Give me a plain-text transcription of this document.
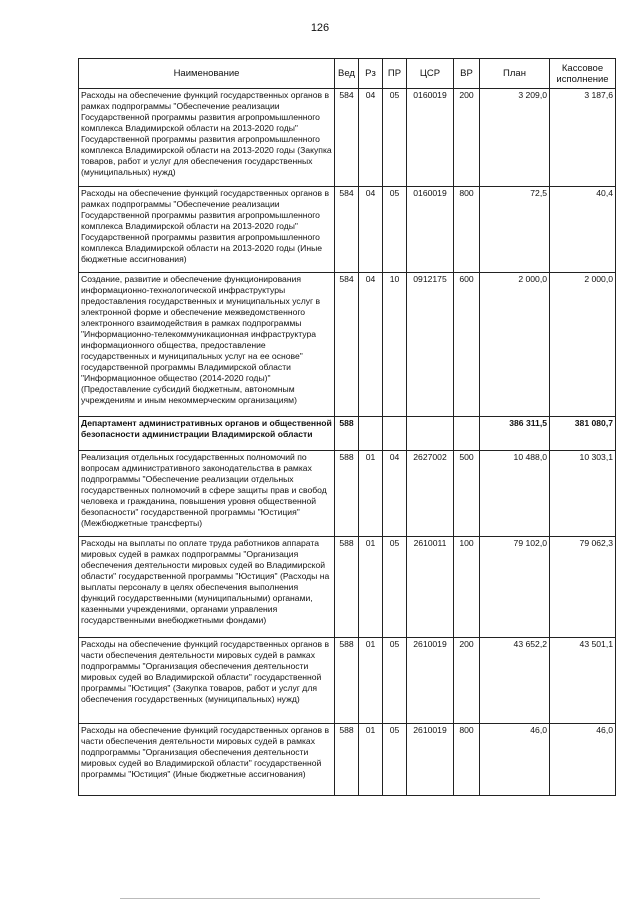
126
Наименование	Вед	Рз	ПР	ЦСР	ВР	План	Кассовое исполнение
Расходы на обеспечение функций государственных органов в рамках подпрограммы "Обеспечение реализации Государственной программы развития агропромышленного комплекса Владимирской области на 2013-2020 годы" Государственной программы развития агропромышленного комплекса Владимирской области на 2013-2020 годы (Закупка товаров, работ и услуг для обеспечения государственных (муниципальных) нужд)	584	04	05	0160019	200	3 209,0	3 187,6
Расходы на обеспечение функций государственных органов в рамках подпрограммы "Обеспечение реализации Государственной программы развития агропромышленного комплекса Владимирской области на 2013-2020 годы" Государственной программы развития агропромышленного комплекса Владимирской области на 2013-2020 годы (Иные бюджетные ассигнования)	584	04	05	0160019	800	72,5	40,4
Создание, развитие и обеспечение функционирования информационно-технологической инфраструктуры предоставления государственных и муниципальных услуг в электронной форме и обеспечение межведомственного электронного взаимодействия в рамках подпрограммы "Информационно-телекоммуникационная инфраструктура информационного общества, предоставление государственных и муниципальных услуг на ее основе" государственной программы Владимирской области "Информационное общество (2014-2020 годы)" (Предоставление субсидий бюджетным, автономным учреждениям и иным некоммерческим организациям)	584	04	10	0912175	600	2 000,0	2 000,0
Департамент административных органов и общественной безопасности администрации Владимирской области	588					386 311,5	381 080,7
Реализация отдельных государственных полномочий по вопросам административного законодательства в рамках подпрограммы "Обеспечение реализации отдельных государственных полномочий в сфере защиты прав и свобод человека и гражданина, повышения уровня общественной безопасности" государственной программы "Юстиция" (Межбюджетные трансферты)	588	01	04	2627002	500	10 488,0	10 303,1
Расходы на выплаты по оплате труда работников аппарата мировых судей в рамках подпрограммы "Организация обеспечения деятельности мировых судей во Владимирской области" государственной программы "Юстиция" (Расходы на выплаты персоналу в целях обеспечения выполнения функций государственными (муниципальными) органами, казенными учреждениями, органами управления государственными внебюджетными фондами)	588	01	05	2610011	100	79 102,0	79 062,3
Расходы на обеспечение функций государственных органов в части обеспечения деятельности мировых судей в рамках подпрограммы "Организация обеспечения деятельности мировых судей во Владимирской области" государственной программы "Юстиция" (Закупка товаров, работ и услуг для обеспечения государственных (муниципальных) нужд)	588	01	05	2610019	200	43 652,2	43 501,1
Расходы на обеспечение функций государственных органов в части обеспечения деятельности мировых судей в рамках подпрограммы "Организация обеспечения деятельности мировых судей во Владимирской области" государственной программы "Юстиция" (Иные бюджетные ассигнования)	588	01	05	2610019	800	46,0	46,0
